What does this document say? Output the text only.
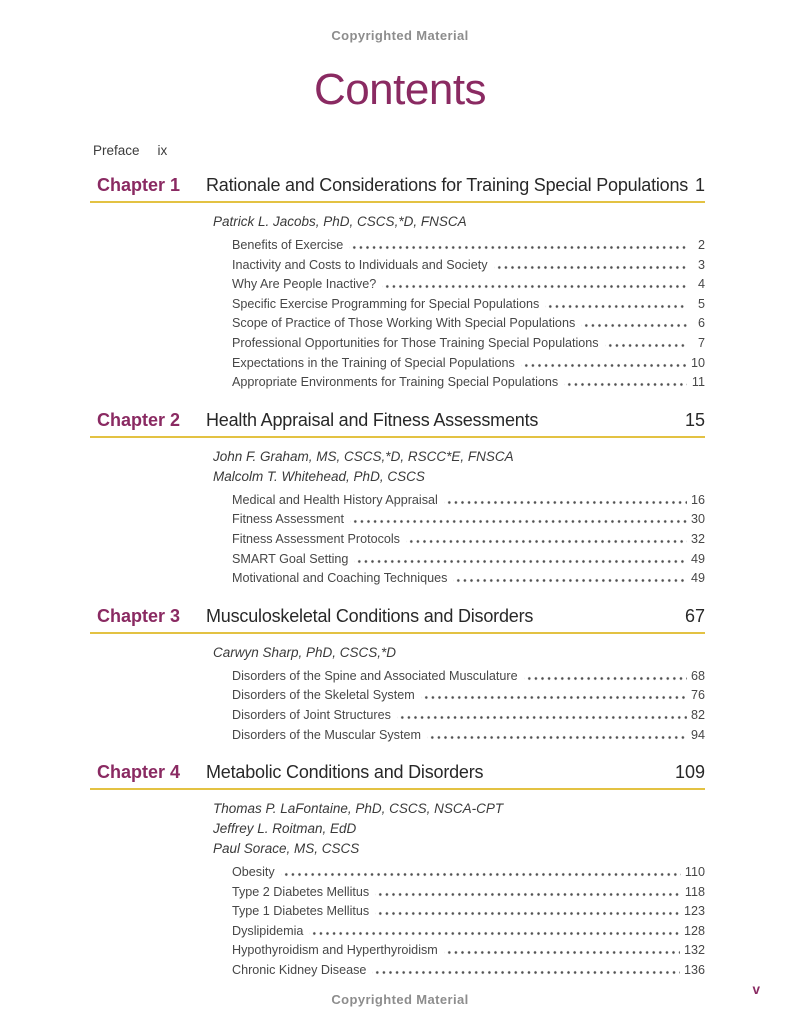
Copyrighted Material
Contents
Preface ix
Chapter 1	Rationale and Considerations for Training Special Populations 1
Patrick L. Jacobs, PhD, CSCS,*D, FNSCA
Benefits of Exercise	2
Inactivity and Costs to Individuals and Society	3
Why Are People Inactive?	4
Specific Exercise Programming for Special Populations	5
Scope of Practice of Those Working With Special Populations	6
Professional Opportunities for Those Training Special Populations	7
Expectations in the Training of Special Populations	10
Appropriate Environments for Training Special Populations	11
Chapter 2	Health Appraisal and Fitness Assessments	15
John F. Graham, MS, CSCS,*D, RSCC*E, FNSCA
Malcolm T. Whitehead, PhD, CSCS
Medical and Health History Appraisal	16
Fitness Assessment	30
Fitness Assessment Protocols	32
SMART Goal Setting	49
Motivational and Coaching Techniques	49
Chapter 3	Musculoskeletal Conditions and Disorders	67
Carwyn Sharp, PhD, CSCS,*D
Disorders of the Spine and Associated Musculature	68
Disorders of the Skeletal System	76
Disorders of Joint Structures	82
Disorders of the Muscular System	94
Chapter 4	Metabolic Conditions and Disorders	109
Thomas P. LaFontaine, PhD, CSCS, NSCA-CPT
Jeffrey L. Roitman, EdD
Paul Sorace, MS, CSCS
Obesity	110
Type 2 Diabetes Mellitus	118
Type 1 Diabetes Mellitus	123
Dyslipidemia	128
Hypothyroidism and Hyperthyroidism	132
Chronic Kidney Disease	136
Copyrighted Material
v
